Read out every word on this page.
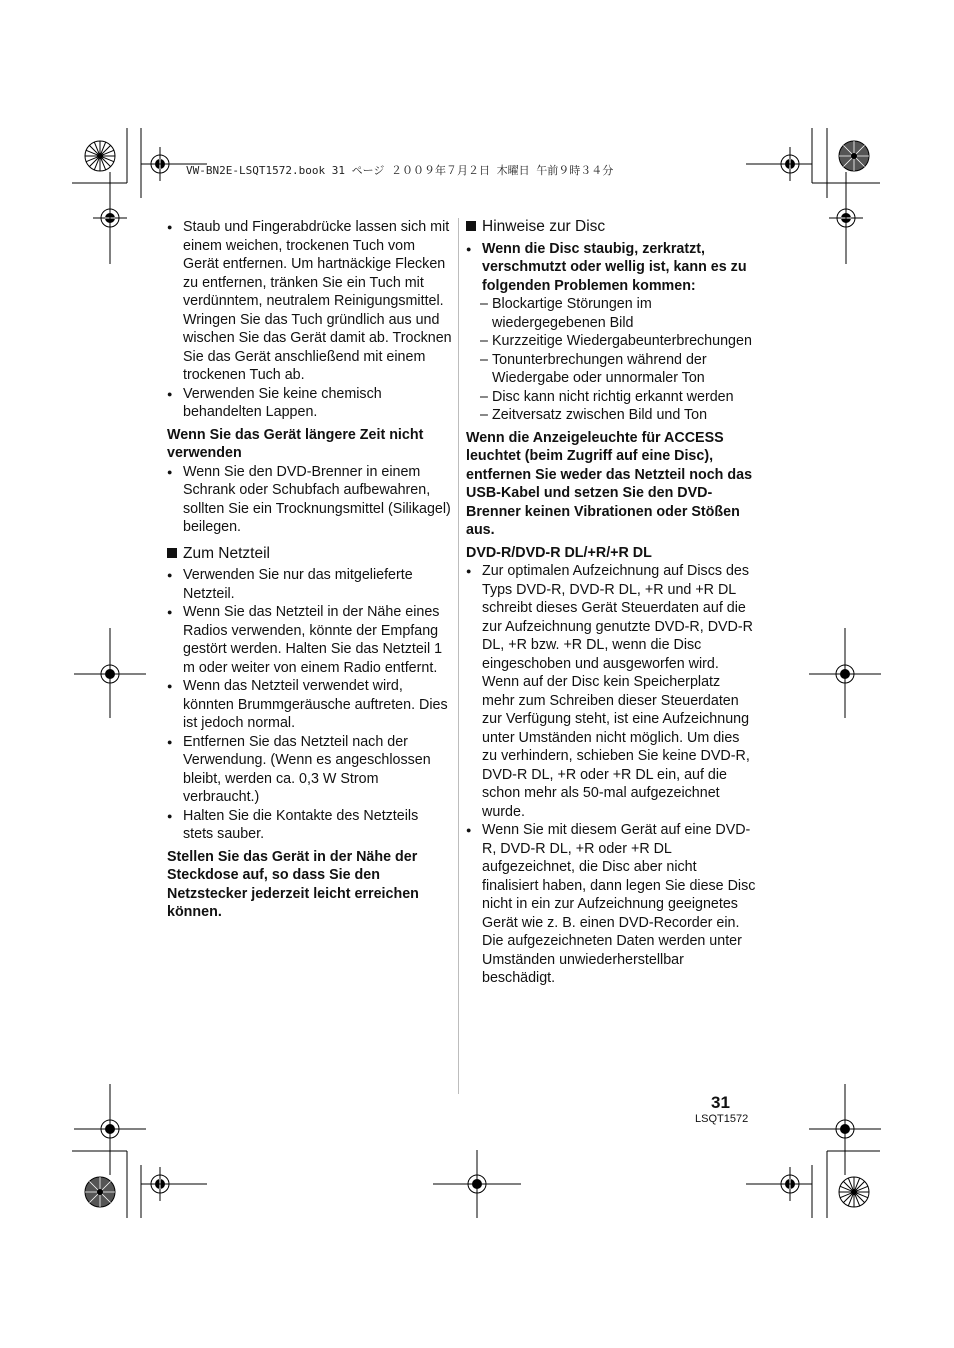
VW-BN2E-LSQT1572.book 31 ページ ２００９年７月２日 木曜日 午前９時３４分
● Staub und Fingerabdrücke lassen sich mit einem weichen, trockenen Tuch vom Gerät entfernen. Um hartnäckige Flecken zu entfernen, tränken Sie ein Tuch mit verdünntem, neutralem Reinigungsmittel. Wringen Sie das Tuch gründlich aus und wischen Sie das Gerät damit ab. Trocknen Sie das Gerät anschließend mit einem trockenen Tuch ab.
● Verwenden Sie keine chemisch behandelten Lappen.
Wenn Sie das Gerät längere Zeit nicht verwenden
● Wenn Sie den DVD-Brenner in einem Schrank oder Schubfach aufbewahren, sollten Sie ein Trocknungsmittel (Silikagel) beilegen.
Zum Netzteil
● Verwenden Sie nur das mitgelieferte Netzteil.
● Wenn Sie das Netzteil in der Nähe eines Radios verwenden, könnte der Empfang gestört werden. Halten Sie das Netzteil 1 m oder weiter von einem Radio entfernt.
● Wenn das Netzteil verwendet wird, könnten Brummgeräusche auftreten. Dies ist jedoch normal.
● Entfernen Sie das Netzteil nach der Verwendung. (Wenn es angeschlossen bleibt, werden ca. 0,3 W Strom verbraucht.)
● Halten Sie die Kontakte des Netzteils stets sauber.
Stellen Sie das Gerät in der Nähe der Steckdose auf, so dass Sie den Netzstecker jederzeit leicht erreichen können.
Hinweise zur Disc
● Wenn die Disc staubig, zerkratzt, verschmutzt oder wellig ist, kann es zu folgenden Problemen kommen:
– Blockartige Störungen im wiedergegebenen Bild
– Kurzzeitige Wiedergabeunterbrechungen
– Tonunterbrechungen während der Wiedergabe oder unnormaler Ton
– Disc kann nicht richtig erkannt werden
– Zeitversatz zwischen Bild und Ton
Wenn die Anzeigeleuchte für ACCESS leuchtet (beim Zugriff auf eine Disc), entfernen Sie weder das Netzteil noch das USB-Kabel und setzen Sie den DVD-Brenner keinen Vibrationen oder Stößen aus.
DVD-R/DVD-R DL/+R/+R DL
● Zur optimalen Aufzeichnung auf Discs des Typs DVD-R, DVD-R DL, +R und +R DL schreibt dieses Gerät Steuerdaten auf die zur Aufzeichnung genutzte DVD-R, DVD-R DL, +R bzw. +R DL, wenn die Disc eingeschoben und ausgeworfen wird. Wenn auf der Disc kein Speicherplatz mehr zum Schreiben dieser Steuerdaten zur Verfügung steht, ist eine Aufzeichnung unter Umständen nicht möglich. Um dies zu verhindern, schieben Sie keine DVD-R, DVD-R DL, +R oder +R DL ein, auf die schon mehr als 50-mal aufgezeichnet wurde.
● Wenn Sie mit diesem Gerät auf eine DVD-R, DVD-R DL, +R oder +R DL aufgezeichnet, die Disc aber nicht finalisiert haben, dann legen Sie diese Disc nicht in ein zur Aufzeichnung geeignetes Gerät wie z. B. einen DVD-Recorder ein. Die aufgezeichneten Daten werden unter Umständen unwiederherstellbar beschädigt.
31
LSQT1572
